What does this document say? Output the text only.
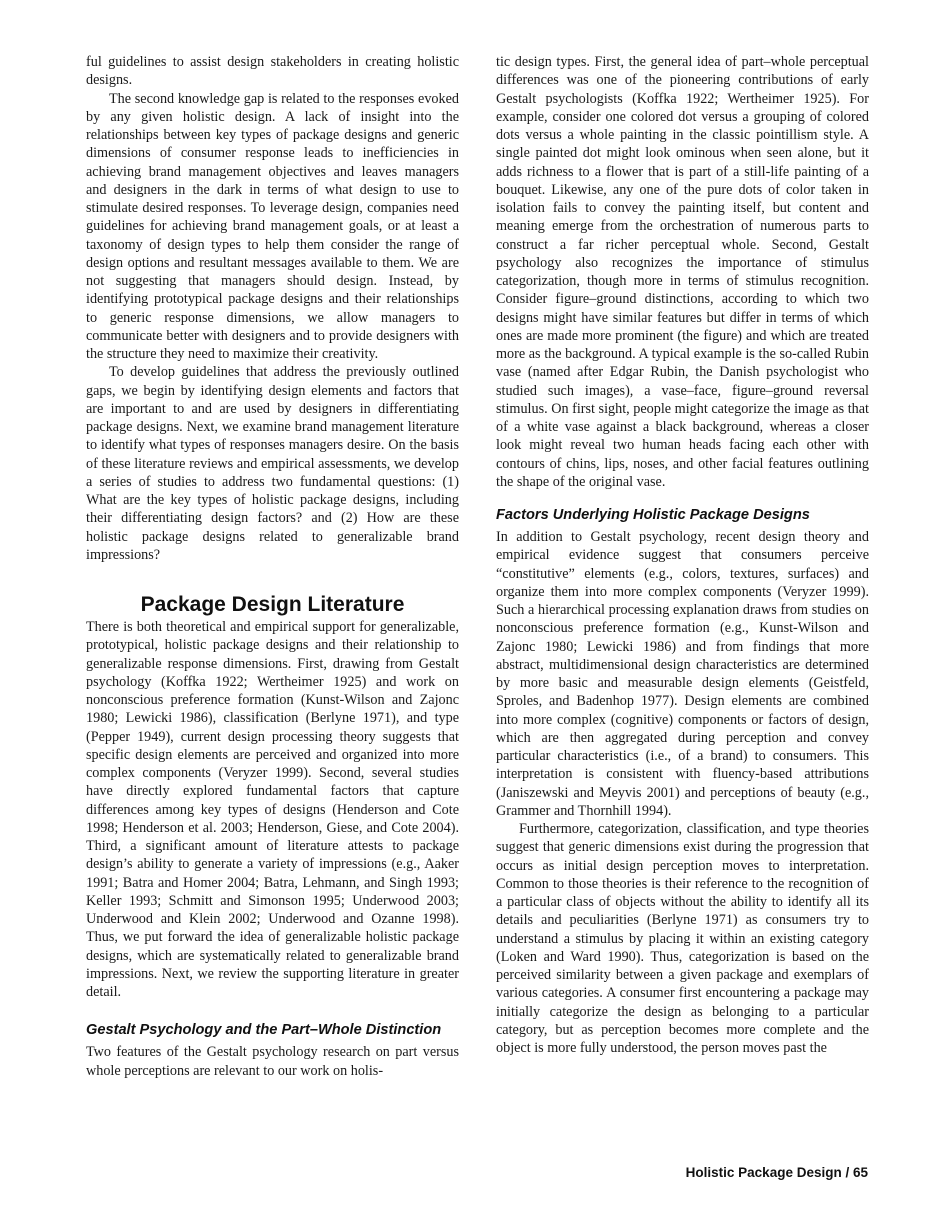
ful guidelines to assist design stakeholders in creating holistic designs.

The second knowledge gap is related to the responses evoked by any given holistic design. A lack of insight into the relationships between key types of package designs and generic dimensions of consumer response leads to inefficiencies in achieving brand management objectives and leaves managers and designers in the dark in terms of what design to use to stimulate desired responses. To leverage design, companies need guidelines for achieving brand management goals, or at least a taxonomy of design types to help them consider the range of design options and resultant messages available to them. We are not suggesting that managers should design. Instead, by identifying prototypical package designs and their relationships to generic response dimensions, we allow managers to communicate better with designers and to provide designers with the structure they need to maximize their creativity.

To develop guidelines that address the previously outlined gaps, we begin by identifying design elements and factors that are important to and are used by designers in differentiating package designs. Next, we examine brand management literature to identify what types of responses managers desire. On the basis of these literature reviews and empirical assessments, we develop a series of studies to address two fundamental questions: (1) What are the key types of holistic package designs, including their differentiating design factors? and (2) How are these holistic package designs related to generalizable brand impressions?

Package Design Literature

There is both theoretical and empirical support for generalizable, prototypical, holistic package designs and their relationship to generalizable response dimensions. First, drawing from Gestalt psychology (Koffka 1922; Wertheimer 1925) and work on nonconscious preference formation (Kunst-Wilson and Zajonc 1980; Lewicki 1986), classification (Berlyne 1971), and type (Pepper 1949), current design processing theory suggests that specific design elements are perceived and organized into more complex components (Veryzer 1999). Second, several studies have directly explored fundamental factors that capture differences among key types of designs (Henderson and Cote 1998; Henderson et al. 2003; Henderson, Giese, and Cote 2004). Third, a significant amount of literature attests to package design’s ability to generate a variety of impressions (e.g., Aaker 1991; Batra and Homer 2004; Batra, Lehmann, and Singh 1993; Keller 1993; Schmitt and Simonson 1995; Underwood 2003; Underwood and Klein 2002; Underwood and Ozanne 1998). Thus, we put forward the idea of generalizable holistic package designs, which are systematically related to generalizable brand impressions. Next, we review the supporting literature in greater detail.

Gestalt Psychology and the Part–Whole Distinction

Two features of the Gestalt psychology research on part versus whole perceptions are relevant to our work on holis-

tic design types. First, the general idea of part–whole perceptual differences was one of the pioneering contributions of early Gestalt psychologists (Koffka 1922; Wertheimer 1925). For example, consider one colored dot versus a grouping of colored dots versus a whole painting in the classic pointillism style. A single painted dot might look ominous when seen alone, but it adds richness to a flower that is part of a still-life painting of a bouquet. Likewise, any one of the pure dots of color taken in isolation fails to convey the painting itself, but content and meaning emerge from the orchestration of numerous parts to construct a far richer perceptual whole. Second, Gestalt psychology also recognizes the importance of stimulus categorization, though more in terms of stimulus recognition. Consider figure–ground distinctions, according to which two designs might have similar features but differ in terms of which ones are made more prominent (the figure) and which are treated more as the background. A typical example is the so-called Rubin vase (named after Edgar Rubin, the Danish psychologist who studied such images), a vase–face, figure–ground reversal stimulus. On first sight, people might categorize the image as that of a white vase against a black background, whereas a closer look might reveal two human heads facing each other with contours of chins, lips, noses, and other facial features outlining the shape of the original vase.

Factors Underlying Holistic Package Designs

In addition to Gestalt psychology, recent design theory and empirical evidence suggest that consumers perceive “constitutive” elements (e.g., colors, textures, surfaces) and organize them into more complex components (Veryzer 1999). Such a hierarchical processing explanation draws from studies on nonconscious preference formation (e.g., Kunst-Wilson and Zajonc 1980; Lewicki 1986) and from findings that more abstract, multidimensional design characteristics are determined by more basic and measurable design elements (Geistfeld, Sproles, and Badenhop 1977). Design elements are combined into more complex (cognitive) components or factors of design, which are then aggregated during perception and convey particular characteristics (i.e., of a brand) to consumers. This interpretation is consistent with fluency-based attributions (Janiszewski and Meyvis 2001) and perceptions of beauty (e.g., Grammer and Thornhill 1994).

Furthermore, categorization, classification, and type theories suggest that generic dimensions exist during the progression that occurs as initial design perception moves to interpretation. Common to those theories is their reference to the recognition of a particular class of objects without the ability to identify all its details and peculiarities (Berlyne 1971) as consumers try to understand a stimulus by placing it within an existing category (Loken and Ward 1990). Thus, categorization is based on the perceived similarity between a given package and exemplars of various categories. A consumer first encountering a package may initially categorize the design as belonging to a particular category, but as perception becomes more complete and the object is more fully understood, the person moves past the

Holistic Package Design / 65
